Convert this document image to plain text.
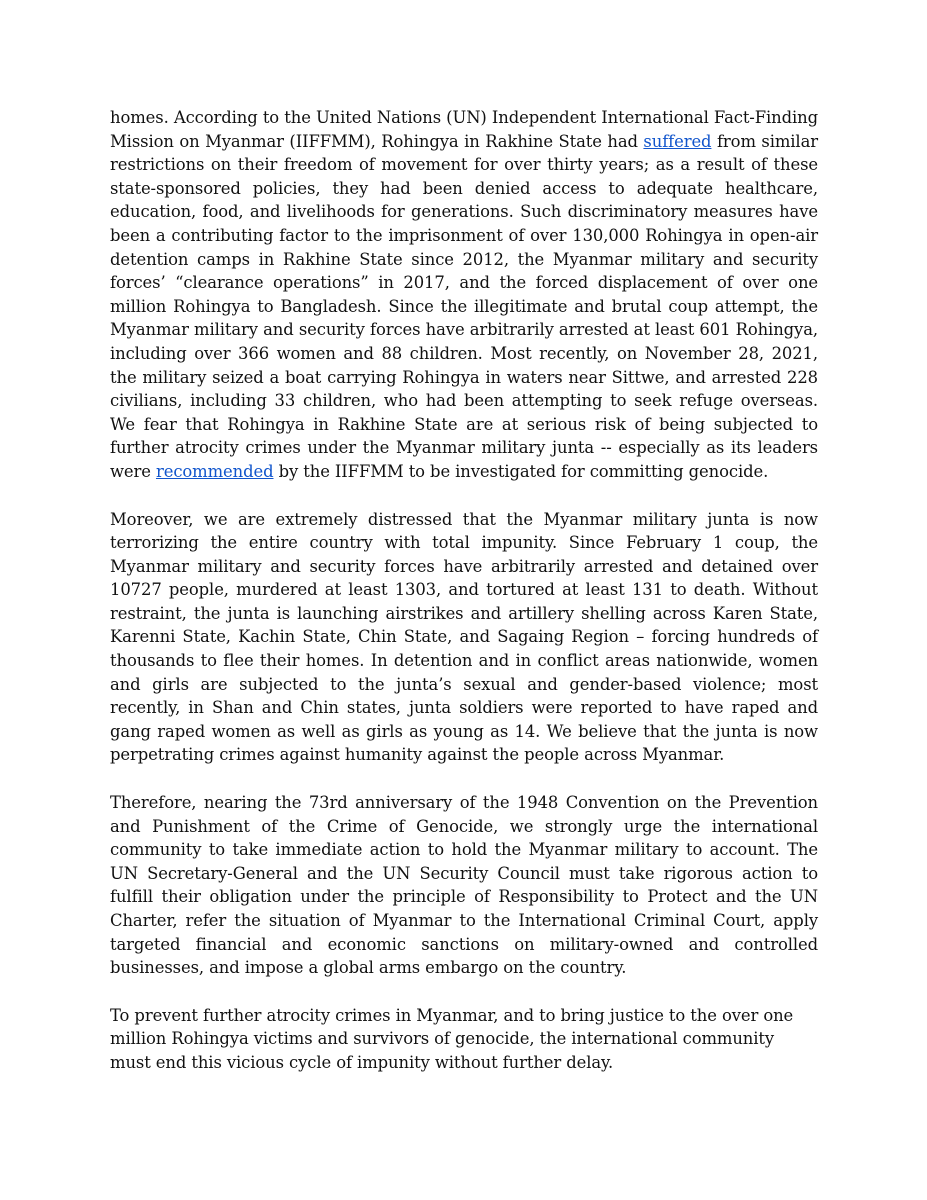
homes. According to the United Nations (UN) Independent International Fact-Finding Mission on Myanmar (IIFFMM), Rohingya in Rakhine State had suffered from similar restrictions on their freedom of movement for over thirty years; as a result of these state-sponsored policies, they had been denied access to adequate healthcare, education, food, and livelihoods for generations. Such discriminatory measures have been a contributing factor to the imprisonment of over 130,000 Rohingya in open-air detention camps in Rakhine State since 2012, the Myanmar military and security forces’ “clearance operations” in 2017, and the forced displacement of over one million Rohingya to Bangladesh. Since the illegitimate and brutal coup attempt, the Myanmar military and security forces have arbitrarily arrested at least 601 Rohingya, including over 366 women and 88 children. Most recently, on November 28, 2021, the military seized a boat carrying Rohingya in waters near Sittwe, and arrested 228 civilians, including 33 children, who had been attempting to seek refuge overseas. We fear that Rohingya in Rakhine State are at serious risk of being subjected to further atrocity crimes under the Myanmar military junta -- especially as its leaders were recommended by the IIFFMM to be investigated for committing genocide.

Moreover, we are extremely distressed that the Myanmar military junta is now terrorizing the entire country with total impunity. Since February 1 coup, the Myanmar military and security forces have arbitrarily arrested and detained over 10727 people, murdered at least 1303, and tortured at least 131 to death. Without restraint, the junta is launching airstrikes and artillery shelling across Karen State, Karenni State, Kachin State, Chin State, and Sagaing Region – forcing hundreds of thousands to flee their homes. In detention and in conflict areas nationwide, women and girls are subjected to the junta’s sexual and gender-based violence; most recently, in Shan and Chin states, junta soldiers were reported to have raped and gang raped women as well as girls as young as 14. We believe that the junta is now perpetrating crimes against humanity against the people across Myanmar.

Therefore, nearing the 73rd anniversary of the 1948 Convention on the Prevention and Punishment of the Crime of Genocide, we strongly urge the international community to take immediate action to hold the Myanmar military to account. The UN Secretary-General and the UN Security Council must take rigorous action to fulfill their obligation under the principle of Responsibility to Protect and the UN Charter, refer the situation of Myanmar to the International Criminal Court, apply targeted financial and economic sanctions on military-owned and controlled businesses, and impose a global arms embargo on the country.

To prevent further atrocity crimes in Myanmar, and to bring justice to the over one million Rohingya victims and survivors of genocide, the international community must end this vicious cycle of impunity without further delay.
